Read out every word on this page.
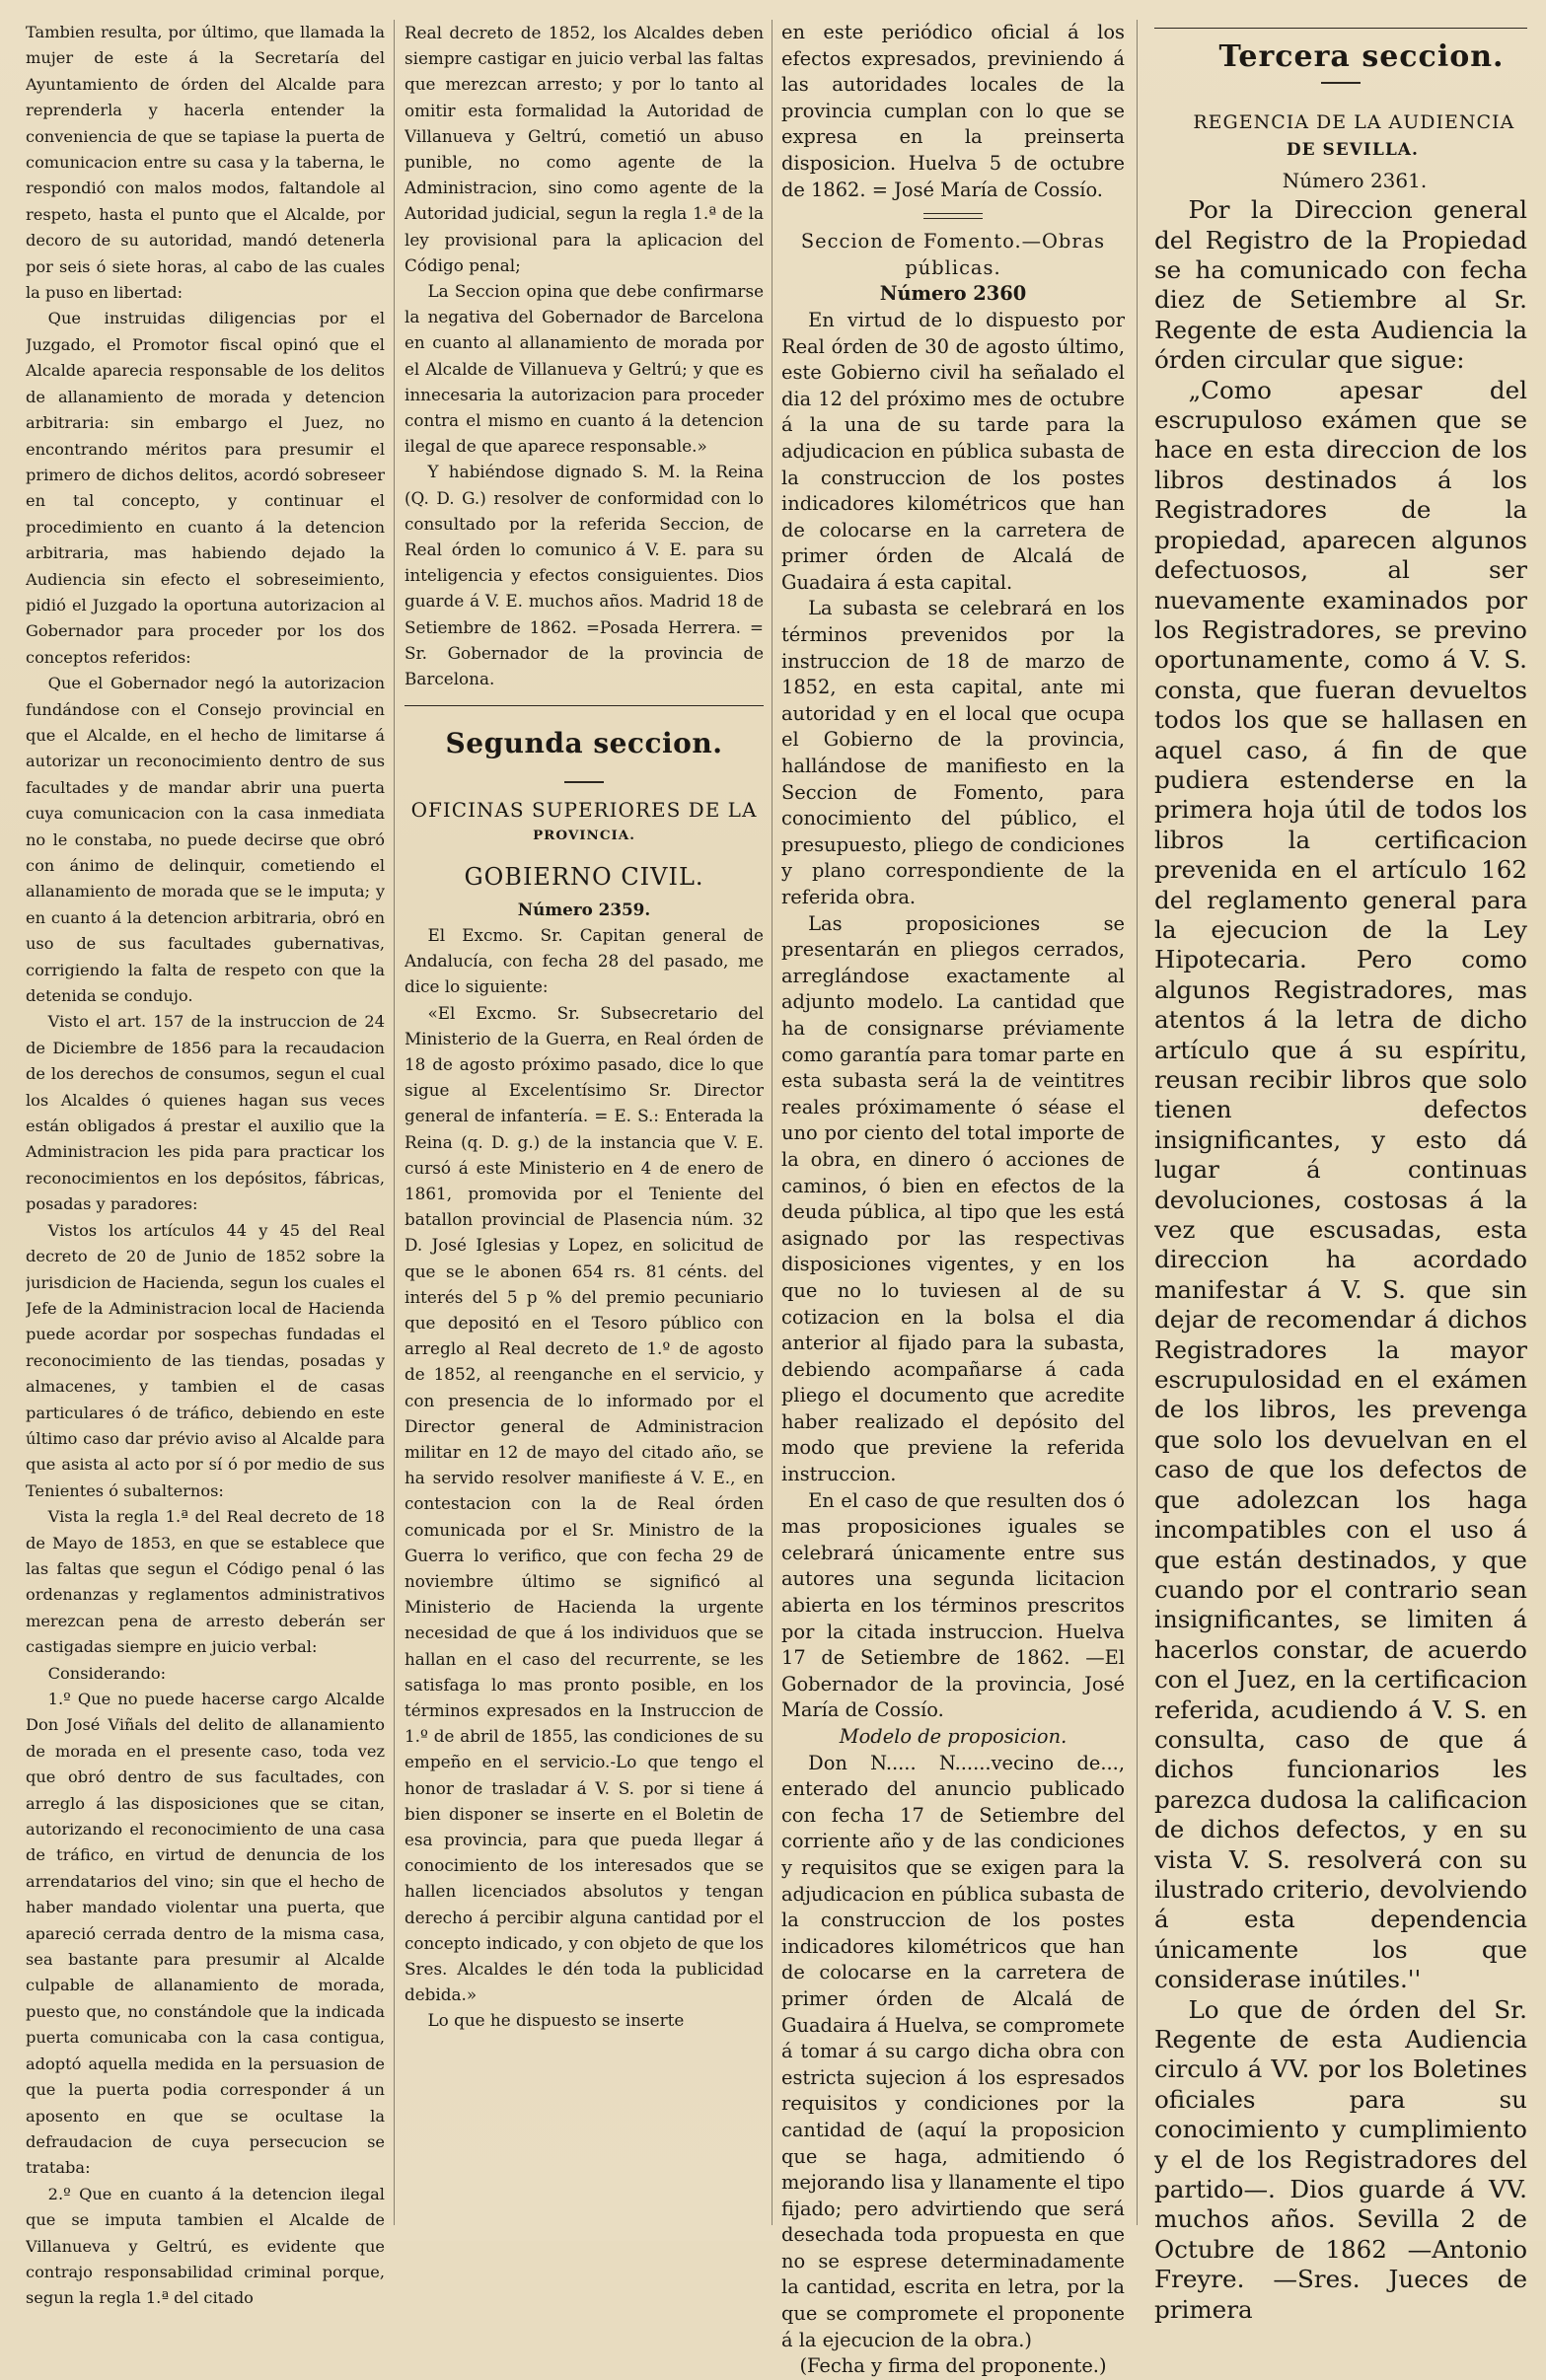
Tambien resulta, por último, que llamada la mujer de este á la Secretaría del Ayuntamiento de órden del Alcalde para reprenderla y hacerla entender la conveniencia de que se tapiase la puerta de comunicacion entre su casa y la taberna, le respondió con malos modos, faltandole al respeto, hasta el punto que el Alcalde, por decoro de su autoridad, mandó detenerla por seis ó siete horas, al cabo de las cuales la puso en libertad:

Que instruidas diligencias por el Juzgado, el Promotor fiscal opinó que el Alcalde aparecia responsable de los delitos de allanamiento de morada y detencion arbitraria: sin embargo el Juez, no encontrando méritos para presumir el primero de dichos delitos, acordó sobreseer en tal concepto, y continuar el procedimiento en cuanto á la detencion arbitraria, mas habiendo dejado la Audiencia sin efecto el sobreseimiento, pidió el Juzgado la oportuna autorizacion al Gobernador para proceder por los dos conceptos referidos:

Que el Gobernador negó la autorizacion fundándose con el Consejo provincial en que el Alcalde, en el hecho de limitarse á autorizar un reconocimiento dentro de sus facultades y de mandar abrir una puerta cuya comunicacion con la casa inmediata no le constaba, no puede decirse que obró con ánimo de delinquir, cometiendo el allanamiento de morada que se le imputa; y en cuanto á la detencion arbitraria, obró en uso de sus facultades gubernativas, corrigiendo la falta de respeto con que la detenida se condujo.

Visto el art. 157 de la instruccion de 24 de Diciembre de 1856 para la recaudacion de los derechos de consumos, segun el cual los Alcaldes ó quienes hagan sus veces están obligados á prestar el auxilio que la Administracion les pida para practicar los reconocimientos en los depósitos, fábricas, posadas y paradores:

Vistos los artículos 44 y 45 del Real decreto de 20 de Junio de 1852 sobre la jurisdicion de Hacienda, segun los cuales el Jefe de la Administracion local de Hacienda puede acordar por sospechas fundadas el reconocimiento de las tiendas, posadas y almacenes, y tambien el de casas particulares ó de tráfico, debiendo en este último caso dar prévio aviso al Alcalde para que asista al acto por sí ó por medio de sus Tenientes ó subalternos:

Vista la regla 1.ª del Real decreto de 18 de Mayo de 1853, en que se establece que las faltas que segun el Código penal ó las ordenanzas y reglamentos administrativos merezcan pena de arresto deberán ser castigadas siempre en juicio verbal:

Considerando:

1.º Que no puede hacerse cargo Alcalde Don José Viñals del delito de allanamiento de morada en el presente caso, toda vez que obró dentro de sus facultades, con arreglo á las disposiciones que se citan, autorizando el reconocimiento de una casa de tráfico, en virtud de denuncia de los arrendatarios del vino; sin que el hecho de haber mandado violentar una puerta, que apareció cerrada dentro de la misma casa, sea bastante para presumir al Alcalde culpable de allanamiento de morada, puesto que, no constándole que la indicada puerta comunicaba con la casa contigua, adoptó aquella medida en la persuasion de que la puerta podia corresponder á un aposento en que se ocultase la defraudacion de cuya persecucion se trataba:

2.º Que en cuanto á la detencion ilegal que se imputa tambien el Alcalde de Villanueva y Geltrú, es evidente que contrajo responsabilidad criminal porque, segun la regla 1.ª del citado

Real decreto de 1852, los Alcaldes deben siempre castigar en juicio verbal las faltas que merezcan arresto; y por lo tanto al omitir esta formalidad la Autoridad de Villanueva y Geltrú, cometió un abuso punible, no como agente de la Administracion, sino como agente de la Autoridad judicial, segun la regla 1.ª de la ley provisional para la aplicacion del Código penal;

La Seccion opina que debe confirmarse la negativa del Gobernador de Barcelona en cuanto al allanamiento de morada por el Alcalde de Villanueva y Geltrú; y que es innecesaria la autorizacion para proceder contra el mismo en cuanto á la detencion ilegal de que aparece responsable.»

Y habiéndose dignado S. M. la Reina (Q. D. G.) resolver de conformidad con lo consultado por la referida Seccion, de Real órden lo comunico á V. E. para su inteligencia y efectos consiguientes. Dios guarde á V. E. muchos años. Madrid 18 de Setiembre de 1862. =Posada Herrera. = Sr. Gobernador de la provincia de Barcelona.

Segunda seccion.

OFICINAS SUPERIORES DE LA

PROVINCIA.

GOBIERNO CIVIL.

Número 2359.

El Excmo. Sr. Capitan general de Andalucía, con fecha 28 del pasado, me dice lo siguiente:

«El Excmo. Sr. Subsecretario del Ministerio de la Guerra, en Real órden de 18 de agosto próximo pasado, dice lo que sigue al Excelentísimo Sr. Director general de infantería. = E. S.: Enterada la Reina (q. D. g.) de la instancia que V. E. cursó á este Ministerio en 4 de enero de 1861, promovida por el Teniente del batallon provincial de Plasencia núm. 32 D. José Iglesias y Lopez, en solicitud de que se le abonen 654 rs. 81 cénts. del interés del 5 p % del premio pecuniario que depositó en el Tesoro público con arreglo al Real decreto de 1.º de agosto de 1852, al reenganche en el servicio, y con presencia de lo informado por el Director general de Administracion militar en 12 de mayo del citado año, se ha servido resolver manifieste á V. E., en contestacion con la de Real órden comunicada por el Sr. Ministro de la Guerra lo verifico, que con fecha 29 de noviembre último se significó al Ministerio de Hacienda la urgente necesidad de que á los individuos que se hallan en el caso del recurrente, se les satisfaga lo mas pronto posible, en los términos expresados en la Instruccion de 1.º de abril de 1855, las condiciones de su empeño en el servicio.-Lo que tengo el honor de trasladar á V. S. por si tiene á bien disponer se inserte en el Boletin de esa provincia, para que pueda llegar á conocimiento de los interesados que se hallen licenciados absolutos y tengan derecho á percibir alguna cantidad por el concepto indicado, y con objeto de que los Sres. Alcaldes le dén toda la publicidad debida.»

Lo que he dispuesto se inserte

en este periódico oficial á los efectos expresados, previniendo á las autoridades locales de la provincia cumplan con lo que se expresa en la preinserta disposicion. Huelva 5 de octubre de 1862. = José María de Cossío.

Seccion de Fomento.—Obras públicas.

Número 2360

En virtud de lo dispuesto por Real órden de 30 de agosto último, este Gobierno civil ha señalado el dia 12 del próximo mes de octubre á la una de su tarde para la adjudicacion en pública subasta de la construccion de los postes indicadores kilométricos que han de colocarse en la carretera de primer órden de Alcalá de Guadaira á esta capital.

La subasta se celebrará en los términos prevenidos por la instruccion de 18 de marzo de 1852, en esta capital, ante mi autoridad y en el local que ocupa el Gobierno de la provincia, hallándose de manifiesto en la Seccion de Fomento, para conocimiento del público, el presupuesto, pliego de condiciones y plano correspondiente de la referida obra.

Las proposiciones se presentarán en pliegos cerrados, arreglándose exactamente al adjunto modelo. La cantidad que ha de consignarse préviamente como garantía para tomar parte en esta subasta será la de veintitres reales próximamente ó séase el uno por ciento del total importe de la obra, en dinero ó acciones de caminos, ó bien en efectos de la deuda pública, al tipo que les está asignado por las respectivas disposiciones vigentes, y en los que no lo tuviesen al de su cotizacion en la bolsa el dia anterior al fijado para la subasta, debiendo acompañarse á cada pliego el documento que acredite haber realizado el depósito del modo que previene la referida instruccion.

En el caso de que resulten dos ó mas proposiciones iguales se celebrará únicamente entre sus autores una segunda licitacion abierta en los términos prescritos por la citada instruccion. Huelva 17 de Setiembre de 1862. —El Gobernador de la provincia, José María de Cossío.

Modelo de proposicion.

Don N..... N......vecino de..., enterado del anuncio publicado con fecha 17 de Setiembre del corriente año y de las condiciones y requisitos que se exigen para la adjudicacion en pública subasta de la construccion de los postes indicadores kilométricos que han de colocarse en la carretera de primer órden de Alcalá de Guadaira á Huelva, se compromete á tomar á su cargo dicha obra con estricta sujecion á los espresados requisitos y condiciones por la cantidad de (aquí la proposicion que se haga, admitiendo ó mejorando lisa y llanamente el tipo fijado; pero advirtiendo que será desechada toda propuesta en que no se esprese determinadamente la cantidad, escrita en letra, por la que se compromete el proponente á la ejecucion de la obra.)

(Fecha y firma del proponente.)

Tercera seccion.

REGENCIA DE LA AUDIENCIA

DE SEVILLA.

Número 2361.

Por la Direccion general del Registro de la Propiedad se ha comunicado con fecha diez de Setiembre al Sr. Regente de esta Audiencia la órden circular que sigue:

„Como apesar del escrupuloso exámen que se hace en esta direccion de los libros destinados á los Registradores de la propiedad, aparecen algunos defectuosos, al ser nuevamente examinados por los Registradores, se previno oportunamente, como á V. S. consta, que fueran devueltos todos los que se hallasen en aquel caso, á fin de que pudiera estenderse en la primera hoja útil de todos los libros la certificacion prevenida en el artículo 162 del reglamento general para la ejecucion de la Ley Hipotecaria. Pero como algunos Registradores, mas atentos á la letra de dicho artículo que á su espíritu, reusan recibir libros que solo tienen defectos insignificantes, y esto dá lugar á continuas devoluciones, costosas á la vez que escusadas, esta direccion ha acordado manifestar á V. S. que sin dejar de recomendar á dichos Registradores la mayor escrupulosidad en el exámen de los libros, les prevenga que solo los devuelvan en el caso de que los defectos de que adolezcan los haga incompatibles con el uso á que están destinados, y que cuando por el contrario sean insignificantes, se limiten á hacerlos constar, de acuerdo con el Juez, en la certificacion referida, acudiendo á V. S. en consulta, caso de que á dichos funcionarios les parezca dudosa la calificacion de dichos defectos, y en su vista V. S. resolverá con su ilustrado criterio, devolviendo á esta dependencia únicamente los que considerase inútiles.''

Lo que de órden del Sr. Regente de esta Audiencia circulo á VV. por los Boletines oficiales para su conocimiento y cumplimiento y el de los Registradores del partido—. Dios guarde á VV. muchos años. Sevilla 2 de Octubre de 1862 —Antonio Freyre. —Sres. Jueces de primera
